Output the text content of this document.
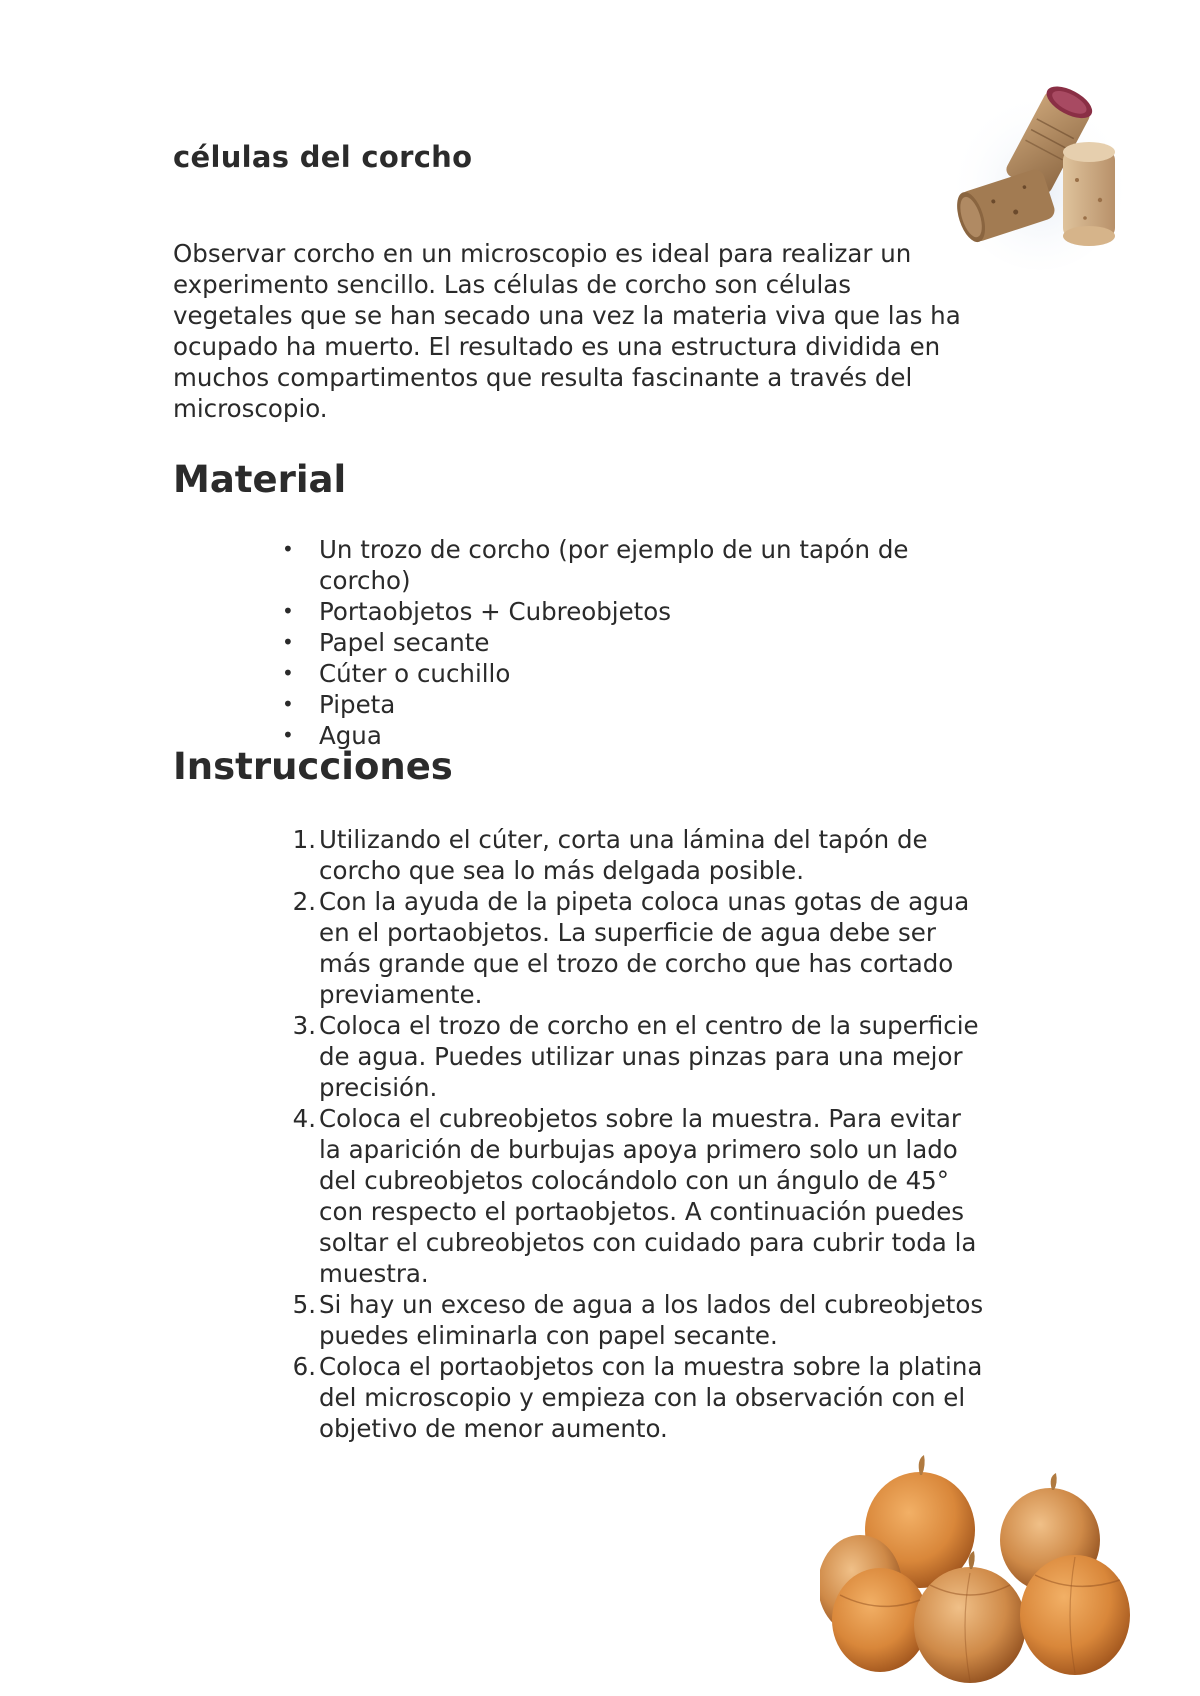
células del corcho

Observar corcho en un microscopio es ideal para realizar un
experimento sencillo. Las células de corcho son células
vegetales que se han secado una vez la materia viva que las ha
ocupado ha muerto. El resultado es una estructura dividida en
muchos compartimentos que resulta fascinante a través del
microscopio.

Material
• Un trozo de corcho (por ejemplo de un tapón de
corcho)
• Portaobjetos + Cubreobjetos
• Papel secante
• Cúter o cuchillo
• Pipeta
• Agua
Instrucciones
1. Utilizando el cúter, corta una lámina del tapón de
corcho que sea lo más delgada posible.
2. Con la ayuda de la pipeta coloca unas gotas de agua
en el portaobjetos. La superficie de agua debe ser
más grande que el trozo de corcho que has cortado
previamente.
3. Coloca el trozo de corcho en el centro de la superficie
de agua. Puedes utilizar unas pinzas para una mejor
precisión.
4. Coloca el cubreobjetos sobre la muestra. Para evitar
la aparición de burbujas apoya primero solo un lado
del cubreobjetos colocándolo con un ángulo de 45°
con respecto el portaobjetos. A continuación puedes
soltar el cubreobjetos con cuidado para cubrir toda la
muestra.
5. Si hay un exceso de agua a los lados del cubreobjetos
puedes eliminarla con papel secante.
6. Coloca el portaobjetos con la muestra sobre la platina
del microscopio y empieza con la observación con el
objetivo de menor aumento.
